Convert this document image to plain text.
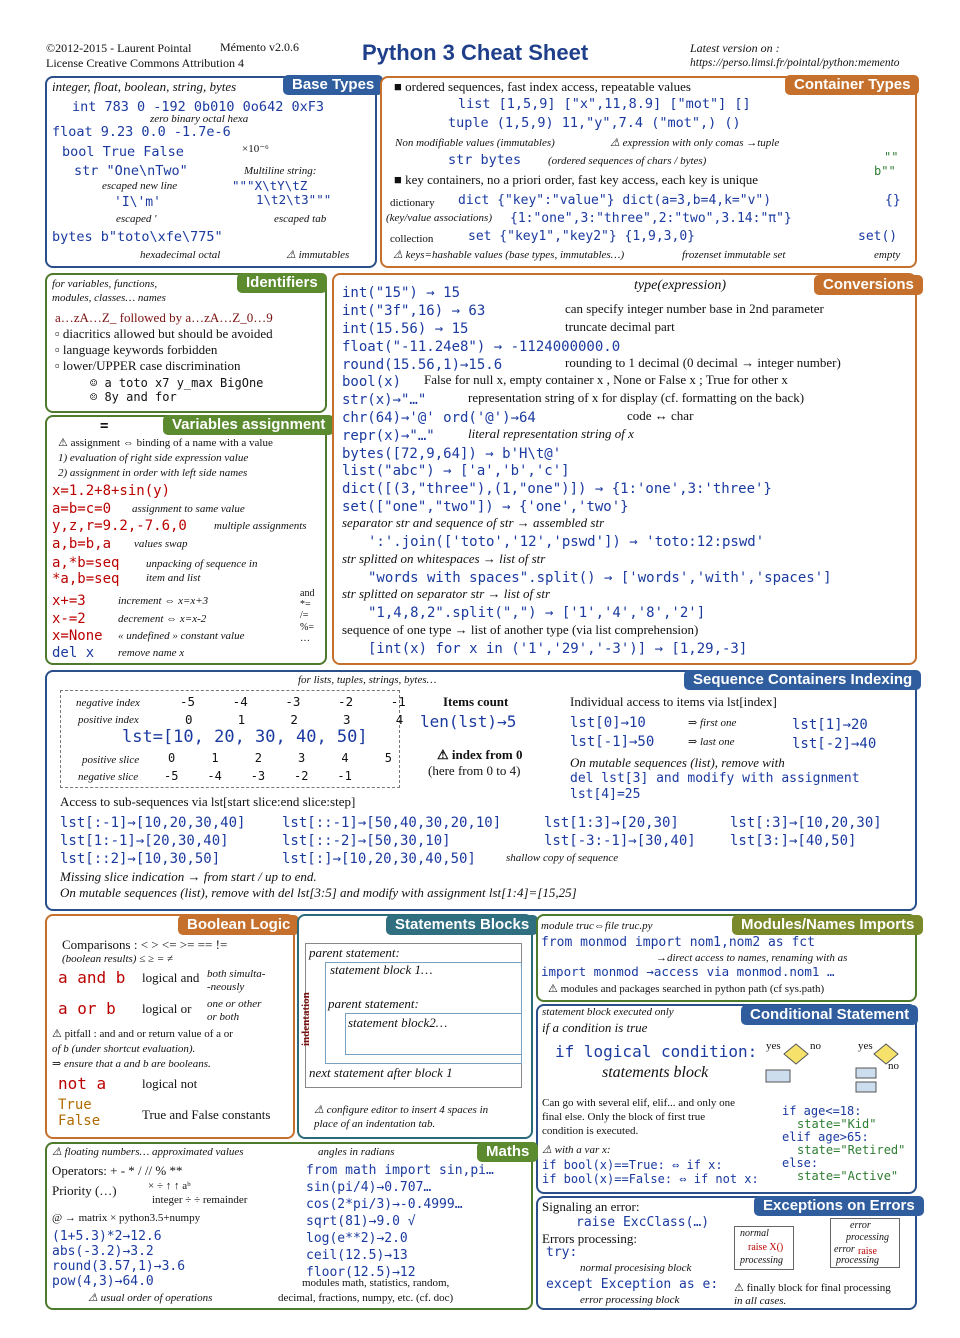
©2012-2015 - Laurent Pointal Mémento v2.0.6
License Creative Commons Attribution 4	Python 3 Cheat Sheet	Latest version on :
https://perso.limsi.fr/pointal/python:memento
Base Types
integer, float, boolean, string, bytes
int 783 0 -192 0b010 0o642 0xF3
zero binary octal hexa
float 9.23 0.0 -1.7e-6
×10⁻⁶
bool True False
str "One\nTwo"	Multiline string:
escaped new line	"""X\tY\tZ
1\t2\t3"""
'I\'m'
escaped '	escaped tab
bytes b"toto\xfe\775"
hexadecimal octal	⚠ immutables
Container Types
■ ordered sequences, fast index access, repeatable values
list [1,5,9] ["x",11,8.9] ["mot"] []
tuple (1,5,9) 11,"y",7.4 ("mot",) ()
Non modifiable values (immutables)	⚠ expression with only comas →tuple
str bytes (ordered sequences of chars / bytes)	""
b""
■ key containers, no a priori order, fast key access, each key is unique
dictionary dict {"key":"value"} dict(a=3,b=4,k="v")	{}
(key/value associations) {1:"one",3:"three",2:"two",3.14:"π"}
collection	set {"key1","key2"} {1,9,3,0}	set()
⚠ keys=hashable values (base types, immutables…)	frozenset immutable set	empty
Identifiers
for variables, functions,
modules, classes… names
a…zA…Z_ followed by a…zA…Z_0…9
▫ diacritics allowed but should be avoided
▫ language keywords forbidden
▫ lower/UPPER case discrimination
☺ a toto x7 y_max BigOne
☹ 8y and for
Variables assignment
=
⚠ assignment ⇔ binding of a name with a value
1) evaluation of right side expression value
2) assignment in order with left side names
x=1.2+8+sin(y)
a=b=c=0 assignment to same value
y,z,r=9.2,-7.6,0 multiple assignments
a,b=b,a values swap
a,*b=seq
*a,b=seq
unpacking of sequence in
item and list
x+=3	increment ⇔ x=x+3
x-=2	decrement ⇔ x=x-2
x=None « undefined » constant value
del x remove name x
and
*=
/=
%=
…
Conversions
type(expression)
int("15") → 15
int("3f",16) → 63	can specify integer number base in 2nd parameter
int(15.56) → 15	truncate decimal part
float("-11.24e8") → -1124000000.0
round(15.56,1)→15.6	rounding to 1 decimal (0 decimal → integer number)
bool(x) False for null x, empty container x , None or False x ; True for other x
str(x)→"…"	representation string of x for display (cf. formatting on the back)
chr(64)→'@' ord('@')→64	code ↔ char
repr(x)→"…"	literal representation string of x
bytes([72,9,64]) → b'H\t@'
list("abc") → ['a','b','c']
dict([(3,"three"),(1,"one")]) → {1:'one',3:'three'}
set(["one","two"]) → {'one','two'}
separator str and sequence of str → assembled str
':'.join(['toto','12','pswd']) → 'toto:12:pswd'
str splitted on whitespaces → list of str
"words with spaces".split() → ['words','with','spaces']
str splitted on separator str → list of str
"1,4,8,2".split(",") → ['1','4','8','2']
sequence of one type → list of another type (via list comprehension)
[int(x) for x in ('1','29','-3')] → [1,29,-3]
Sequence Containers Indexing
for lists, tuples, strings, bytes…
negative index
positive index
-5     -4     -3     -2     -1
0      1      2      3      4
lst=[10, 20, 30, 40, 50]
positive slice
negative slice
0     1     2     3     4     5
-5    -4    -3    -2    -1
Items count
len(lst)→5
⚠ index from 0
(here from 0 to 4)
Individual access to items via lst[index]
lst[0]→10	⇒ first one	lst[1]→20
lst[-1]→50	⇒ last one	lst[-2]→40
On mutable sequences (list), remove with
del lst[3] and modify with assignment
lst[4]=25
Access to sub-sequences via lst[start slice:end slice:step]
lst[:-1]→[10,20,30,40]	lst[::-1]→[50,40,30,20,10]	lst[1:3]→[20,30]	lst[:3]→[10,20,30]
lst[1:-1]→[20,30,40]	lst[::-2]→[50,30,10]	lst[-3:-1]→[30,40] lst[3:]→[40,50]
lst[::2]→[10,30,50]	lst[:]→[10,20,30,40,50]	shallow copy of sequence
Missing slice indication → from start / up to end.
On mutable sequences (list), remove with del lst[3:5] and modify with assignment lst[1:4]=[15,25]
Boolean Logic
Comparisons : < > <= >= == !=
(boolean results) ≤ ≥ = ≠
a and b logical and both simulta-
-neously
a or b logical or one or other
or both
⚠ pitfall : and and or return value of a or
of b (under shortcut evaluation).
⇒ ensure that a and b are booleans.
not a	logical not
True
False	True and False constants
Statements Blocks
parent statement:
statement block 1…
parent statement:
statement block2…
next statement after block 1
indentation
⚠ configure editor to insert 4 spaces in
place of an indentation tab.
Modules/Names Imports
module truc⇔file truc.py
from monmod import nom1,nom2 as fct
→direct access to names, renaming with as
import monmod →access via monmod.nom1 …
⚠ modules and packages searched in python path (cf sys.path)
Conditional Statement
statement block executed only
if a condition is true
if logical condition:
statements block
yes	no	yes
no
Can go with several elif, elif... and only one
final else. Only the block of first true
condition is executed.
if age<=18:
state="Kid"
elif age>65:
state="Retired"
else:
state="Active"
⚠ with a var x:
if bool(x)==True: ⇔ if x:
if bool(x)==False: ⇔ if not x:
Maths
⚠ floating numbers… approximated values	angles in radians
Operators: + - * / // % **
Priority (…)	× ÷ ↑ ↑ aᵇ
integer ÷ ÷ remainder
@ → matrix × python3.5+numpy
(1+5.3)*2→12.6
abs(-3.2)→3.2
round(3.57,1)→3.6
pow(4,3)→64.0
⚠ usual order of operations
from math import sin,pi…
sin(pi/4)→0.707…
cos(2*pi/3)→-0.4999…
sqrt(81)→9.0 √
log(e**2)→2.0
ceil(12.5)→13
floor(12.5)→12
modules math, statistics, random,
decimal, fractions, numpy, etc. (cf. doc)
Exceptions on Errors
Signaling an error:
raise ExcClass(…)
Errors processing:
try:
normal procesising block
except Exception as e:
error processing block
⚠ finally block for final processing
in all cases.
normal
raise X()
processing
error
processing
error raise
processing
